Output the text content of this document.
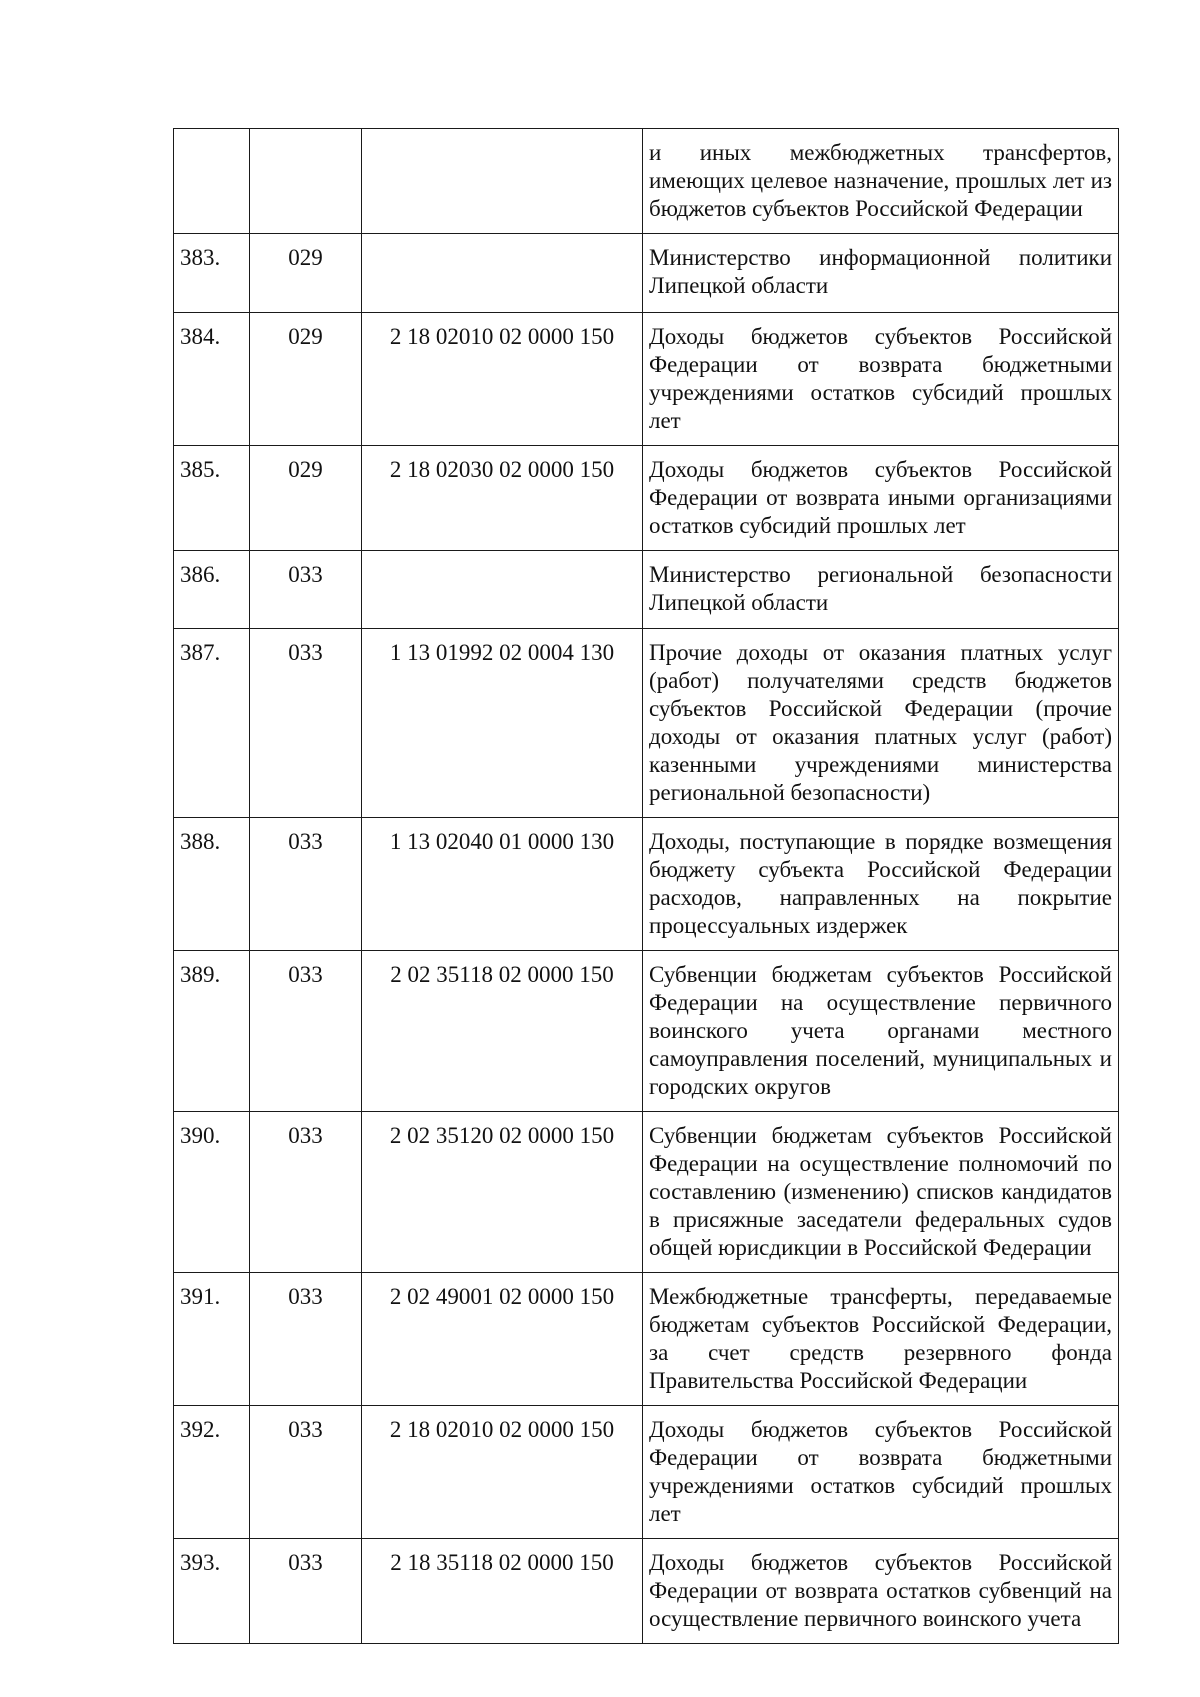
			и иных межбюджетных трансфертов, имеющих целевое назначение, прошлых лет из бюджетов субъектов Российской Федерации
383.	029		Министерство информационной политики Липецкой области
384.	029	2 18 02010 02 0000 150	Доходы бюджетов субъектов Российской Федерации от возврата бюджетными учреждениями остатков субсидий прошлых лет
385.	029	2 18 02030 02 0000 150	Доходы бюджетов субъектов Российской Федерации от возврата иными организациями остатков субсидий прошлых лет
386.	033		Министерство региональной безопасности Липецкой области
387.	033	1 13 01992 02 0004 130	Прочие доходы от оказания платных услуг (работ) получателями средств бюджетов субъектов Российской Федерации (прочие доходы от оказания платных услуг (работ) казенными учреждениями министерства региональной безопасности)
388.	033	1 13 02040 01 0000 130	Доходы, поступающие в порядке возмещения бюджету субъекта Российской Федерации расходов, направленных на покрытие процессуальных издержек
389.	033	2 02 35118 02 0000 150	Субвенции бюджетам субъектов Российской Федерации на осуществление первичного воинского учета органами местного самоуправления поселений, муниципальных и городских округов
390.	033	2 02 35120 02 0000 150	Субвенции бюджетам субъектов Российской Федерации на осуществление полномочий по составлению (изменению) списков кандидатов в присяжные заседатели федеральных судов общей юрисдикции в Российской Федерации
391.	033	2 02 49001 02 0000 150	Межбюджетные трансферты, передаваемые бюджетам субъектов Российской Федерации, за счет средств резервного фонда Правительства Российской Федерации
392.	033	2 18 02010 02 0000 150	Доходы бюджетов субъектов Российской Федерации от возврата бюджетными учреждениями остатков субсидий прошлых лет
393.	033	2 18 35118 02 0000 150	Доходы бюджетов субъектов Российской Федерации от возврата остатков субвенций на осуществление первичного воинского учета
